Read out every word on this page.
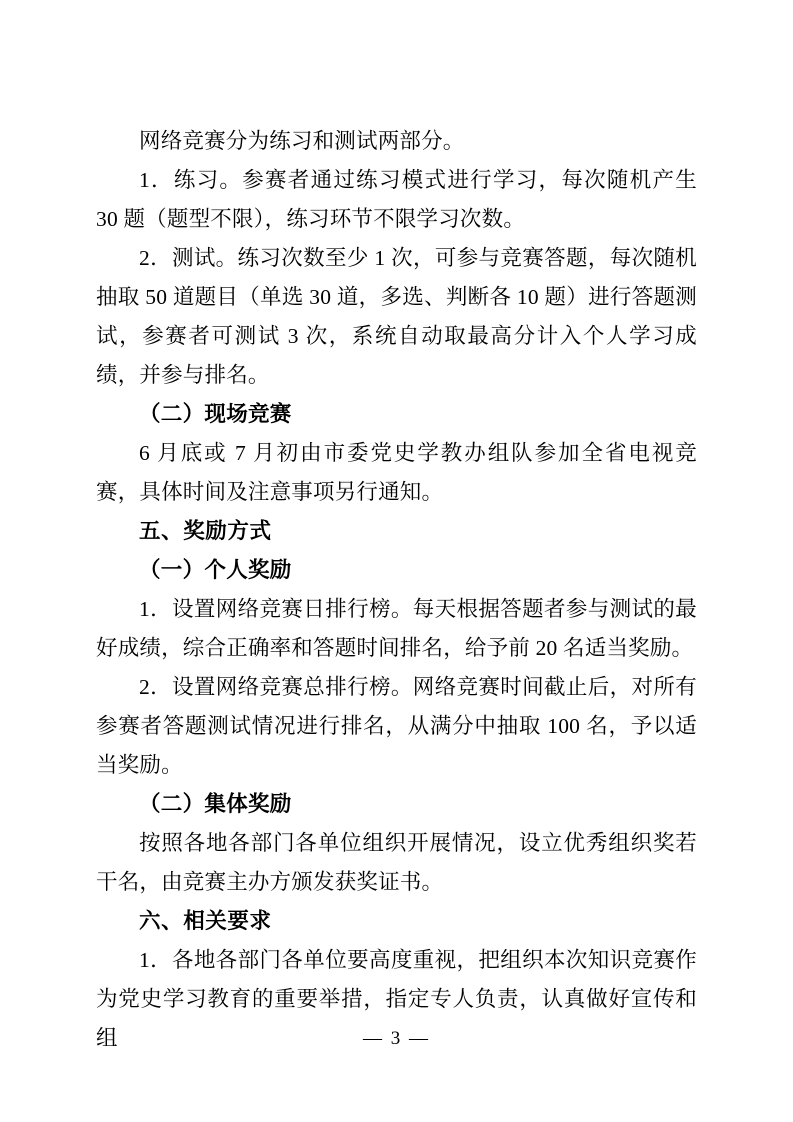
网络竞赛分为练习和测试两部分。

1．练习。参赛者通过练习模式进行学习，每次随机产生 30 题（题型不限），练习环节不限学习次数。

2．测试。练习次数至少 1 次，可参与竞赛答题，每次随机抽取 50 道题目（单选 30 道，多选、判断各 10 题）进行答题测试，参赛者可测试 3 次，系统自动取最高分计入个人学习成绩，并参与排名。

（二）现场竞赛

6 月底或 7 月初由市委党史学教办组队参加全省电视竞赛，具体时间及注意事项另行通知。

五、奖励方式

（一）个人奖励

1．设置网络竞赛日排行榜。每天根据答题者参与测试的最好成绩，综合正确率和答题时间排名，给予前 20 名适当奖励。

2．设置网络竞赛总排行榜。网络竞赛时间截止后，对所有参赛者答题测试情况进行排名，从满分中抽取 100 名，予以适当奖励。

（二）集体奖励

按照各地各部门各单位组织开展情况，设立优秀组织奖若干名，由竞赛主办方颁发获奖证书。

六、相关要求

1．各地各部门各单位要高度重视，把组织本次知识竞赛作为党史学习教育的重要举措，指定专人负责，认真做好宣传和组	— 3 —
